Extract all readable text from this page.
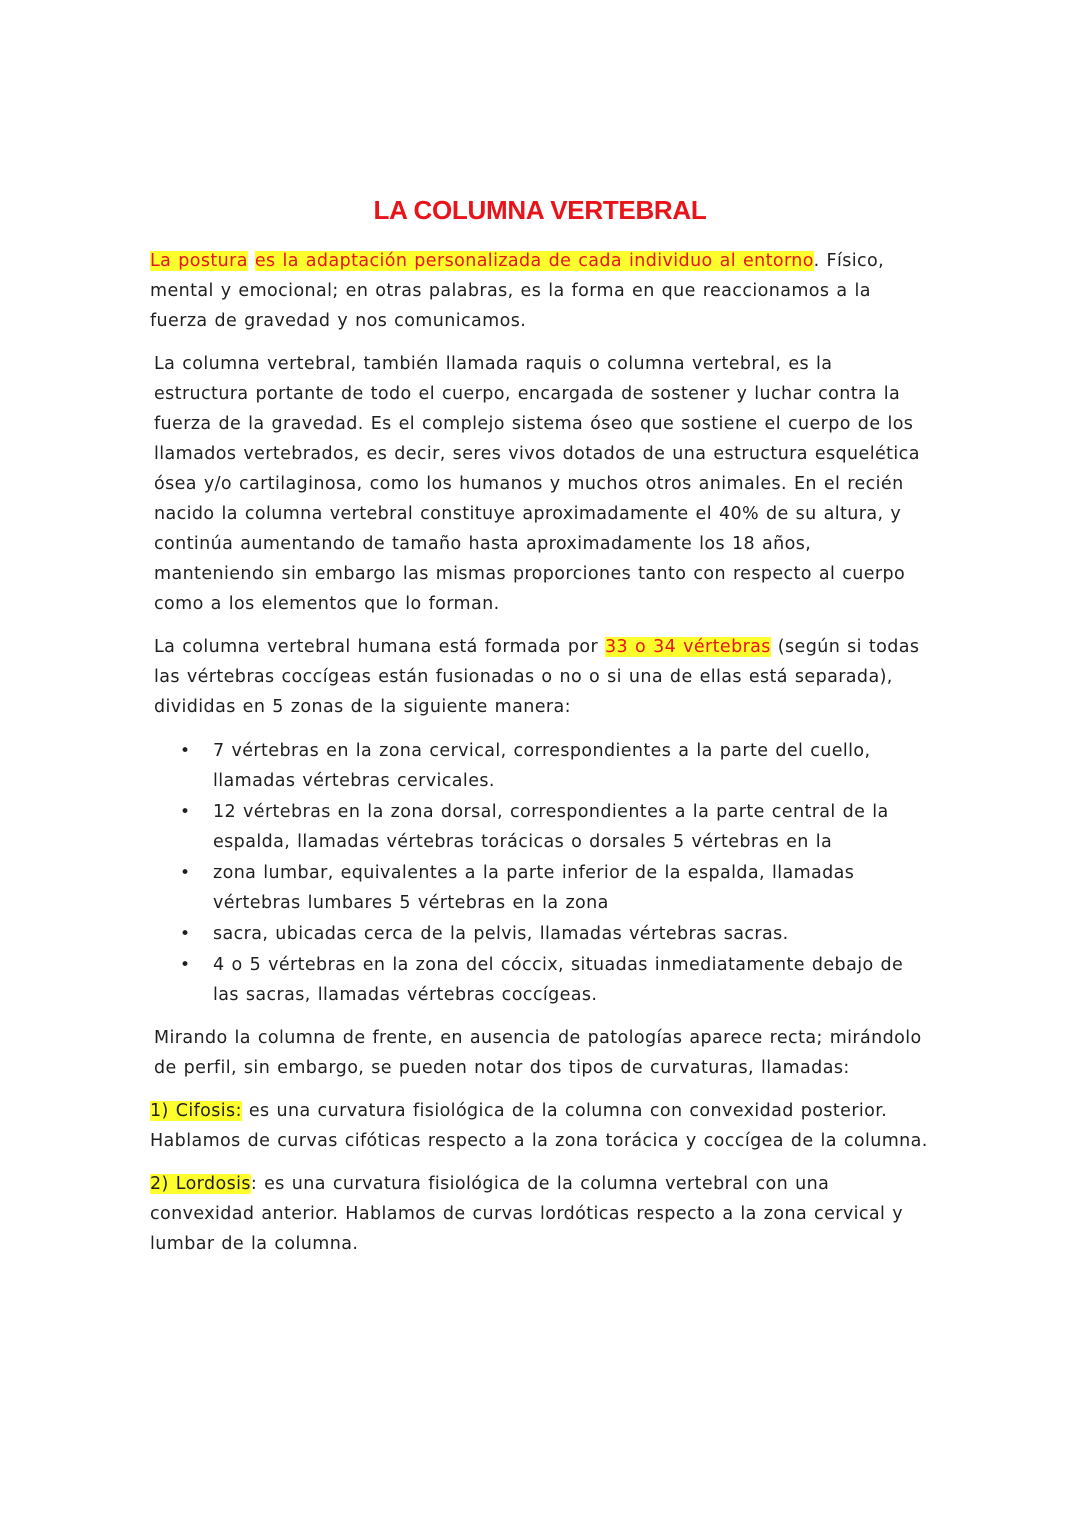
LA COLUMNA VERTEBRAL

La postura es la adaptación personalizada de cada individuo al entorno. Físico, mental y emocional; en otras palabras, es la forma en que reaccionamos a la fuerza de gravedad y nos comunicamos.

La columna vertebral, también llamada raquis o columna vertebral, es la estructura portante de todo el cuerpo, encargada de sostener y luchar contra la fuerza de la gravedad. Es el complejo sistema óseo que sostiene el cuerpo de los llamados vertebrados, es decir, seres vivos dotados de una estructura esquelética ósea y/o cartilaginosa, como los humanos y muchos otros animales. En el recién nacido la columna vertebral constituye aproximadamente el 40% de su altura, y continúa aumentando de tamaño hasta aproximadamente los 18 años, manteniendo sin embargo las mismas proporciones tanto con respecto al cuerpo como a los elementos que lo forman.

La columna vertebral humana está formada por 33 o 34 vértebras (según si todas las vértebras coccígeas están fusionadas o no o si una de ellas está separada), divididas en 5 zonas de la siguiente manera:

• 7 vértebras en la zona cervical, correspondientes a la parte del cuello, llamadas vértebras cervicales.
• 12 vértebras en la zona dorsal, correspondientes a la parte central de la espalda, llamadas vértebras torácicas o dorsales 5 vértebras en la
• zona lumbar, equivalentes a la parte inferior de la espalda, llamadas vértebras lumbares 5 vértebras en la zona
• sacra, ubicadas cerca de la pelvis, llamadas vértebras sacras.
• 4 o 5 vértebras en la zona del cóccix, situadas inmediatamente debajo de las sacras, llamadas vértebras coccígeas.

Mirando la columna de frente, en ausencia de patologías aparece recta; mirándolo de perfil, sin embargo, se pueden notar dos tipos de curvaturas, llamadas:

1) Cifosis: es una curvatura fisiológica de la columna con convexidad posterior. Hablamos de curvas cifóticas respecto a la zona torácica y coccígea de la columna.

2) Lordosis: es una curvatura fisiológica de la columna vertebral con una convexidad anterior. Hablamos de curvas lordóticas respecto a la zona cervical y lumbar de la columna.
